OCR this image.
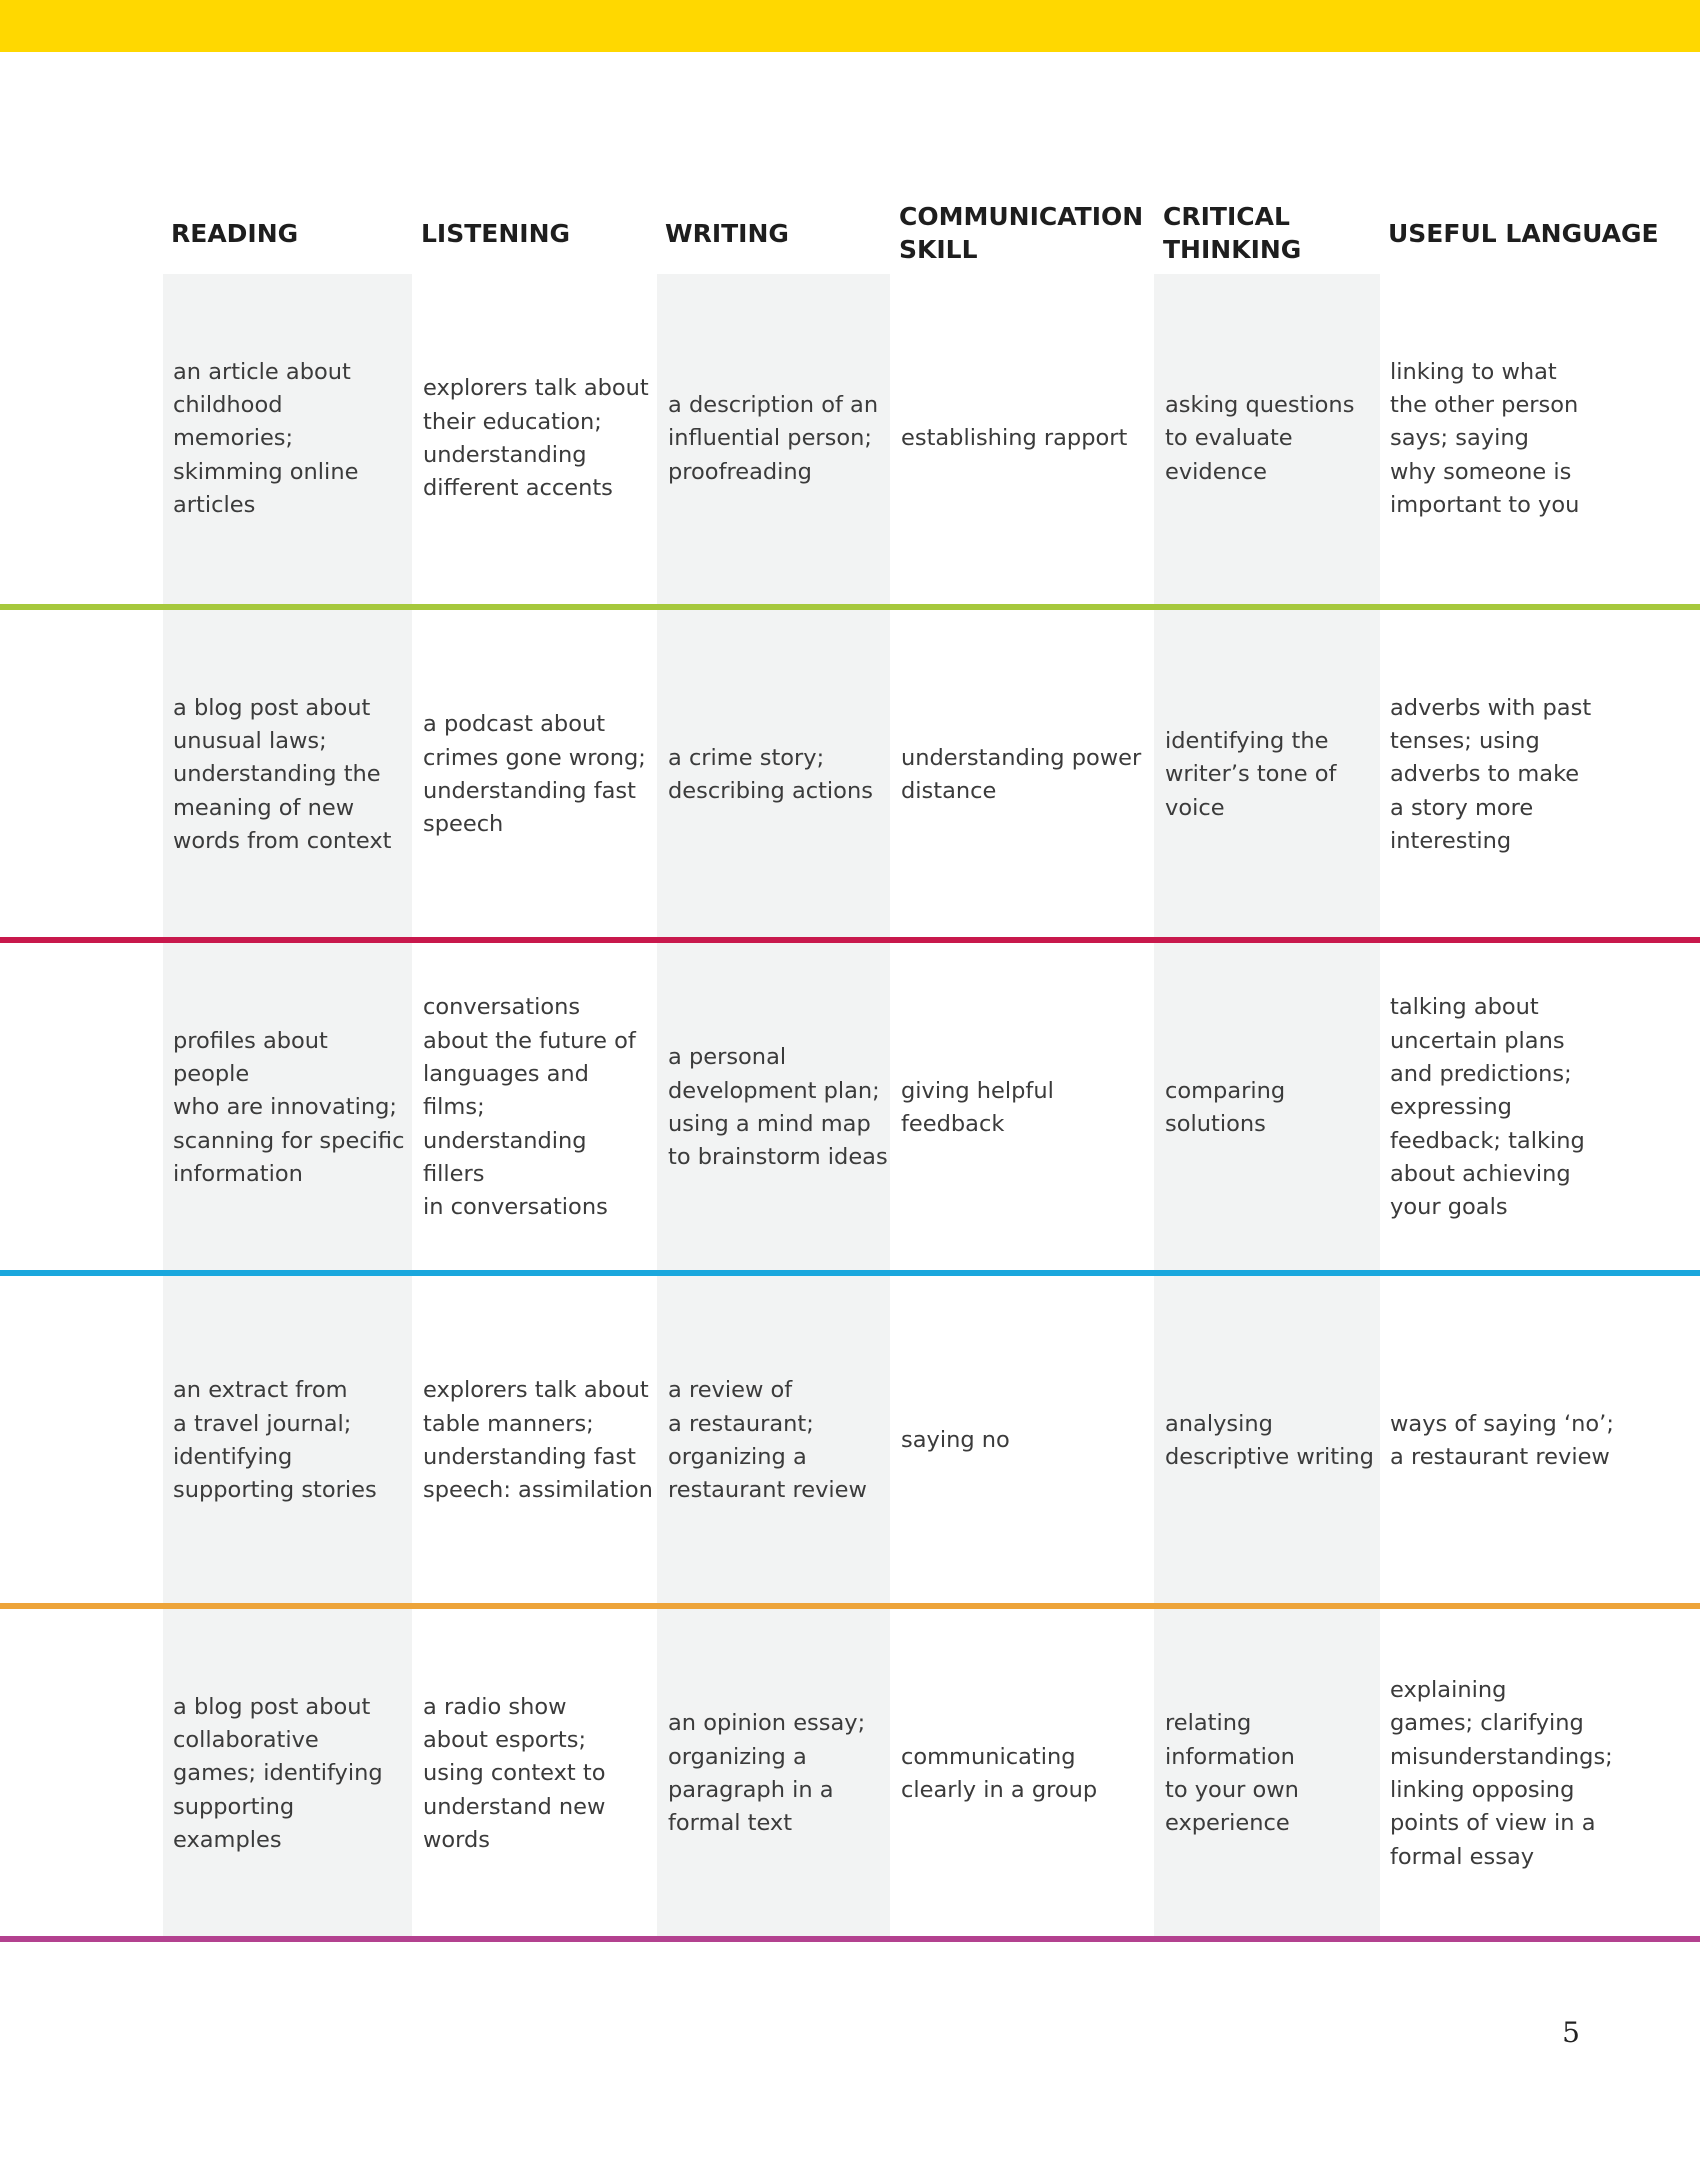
READING	LISTENING	WRITING
COMMUNICATION
SKILL
CRITICAL
THINKING
USEFUL LANGUAGE
an article about
childhood memories;
skimming online
articles
explorers talk about
their education;
understanding
different accents
a description of an
influential person;
proofreading
establishing rapport
asking questions
to evaluate
evidence
linking to what
the other person
says; saying
why someone is
important to you
a blog post about
unusual laws;
understanding the
meaning of new
words from context
a podcast about
crimes gone wrong;
understanding fast
speech
a crime story;
describing actions
understanding power
distance
identifying the
writer’s tone of
voice
adverbs with past
tenses; using
adverbs to make
a story more
interesting
profiles about people
who are innovating;
scanning for specific
information
conversations
about the future of
languages and films;
understanding fillers
in conversations
a personal
development plan;
using a mind map
to brainstorm ideas
giving helpful
feedback
comparing
solutions
talking about
uncertain plans
and predictions;
expressing
feedback; talking
about achieving
your goals
an extract from
a travel journal;
identifying
supporting stories
explorers talk about
table manners;
understanding fast
speech: assimilation
a review of
a restaurant;
organizing a
restaurant review
saying no
analysing
descriptive writing
ways of saying ‘no’;
a restaurant review
a blog post about
collaborative
games; identifying
supporting examples
a radio show
about esports;
using context to
understand new
words
an opinion essay;
organizing a
paragraph in a
formal text
communicating
clearly in a group
relating
information
to your own
experience
explaining
games; clarifying
misunderstandings;
linking opposing
points of view in a
formal essay
5
